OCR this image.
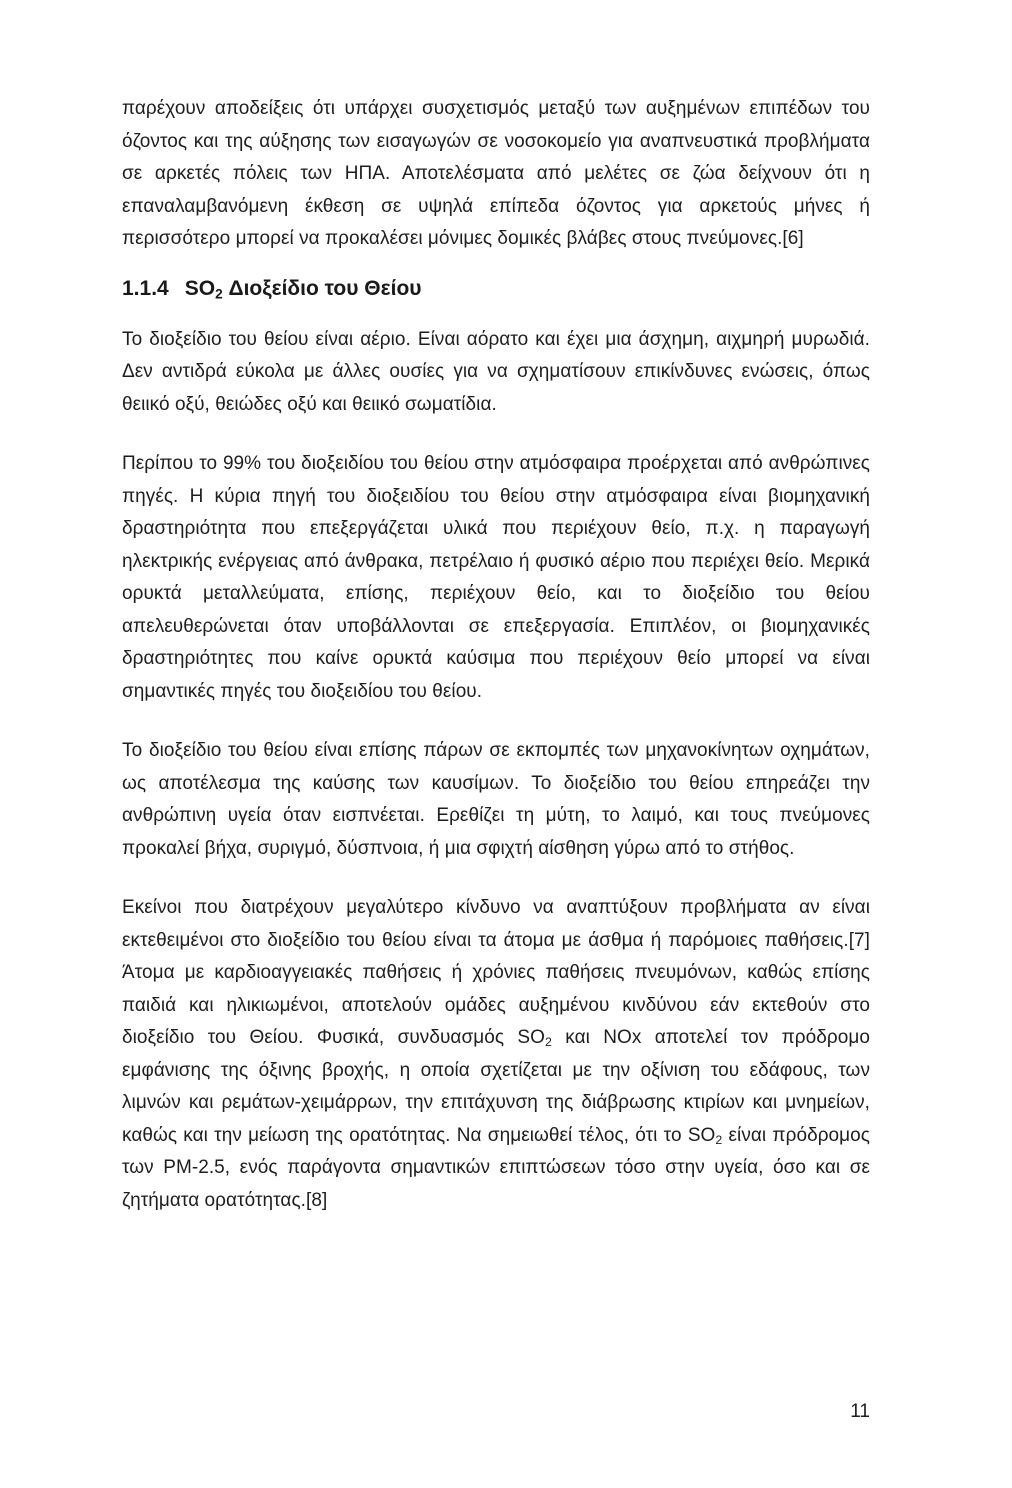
παρέχουν αποδείξεις ότι υπάρχει συσχετισμός μεταξύ των αυξημένων επιπέδων του όζοντος και της αύξησης των εισαγωγών σε νοσοκομείο για αναπνευστικά προβλήματα σε αρκετές πόλεις των ΗΠΑ. Αποτελέσματα από μελέτες σε ζώα δείχνουν ότι η επαναλαμβανόμενη έκθεση σε υψηλά επίπεδα όζοντος για αρκετούς μήνες ή περισσότερο μπορεί να προκαλέσει μόνιμες δομικές βλάβες στους πνεύμονες.[6]

1.1.4 $SO_2$ Διοξείδιο του Θείου

Το διοξείδιο του θείου είναι αέριο. Είναι αόρατο και έχει μια άσχημη, αιχμηρή μυρωδιά. Δεν αντιδρά εύκολα με άλλες ουσίες για να σχηματίσουν επικίνδυνες ενώσεις, όπως θειικό οξύ, θειώδες οξύ και θειικό σωματίδια.

Περίπου το 99% του διοξειδίου του θείου στην ατμόσφαιρα προέρχεται από ανθρώπινες πηγές. Η κύρια πηγή του διοξειδίου του θείου στην ατμόσφαιρα είναι βιομηχανική δραστηριότητα που επεξεργάζεται υλικά που περιέχουν θείο, π.χ. η παραγωγή ηλεκτρικής ενέργειας από άνθρακα, πετρέλαιο ή φυσικό αέριο που περιέχει θείο. Μερικά ορυκτά μεταλλεύματα, επίσης, περιέχουν θείο, και το διοξείδιο του θείου απελευθερώνεται όταν υποβάλλονται σε επεξεργασία. Επιπλέον, οι βιομηχανικές δραστηριότητες που καίνε ορυκτά καύσιμα που περιέχουν θείο μπορεί να είναι σημαντικές πηγές του διοξειδίου του θείου.

Το διοξείδιο του θείου είναι επίσης πάρων σε εκπομπές των μηχανοκίνητων οχημάτων, ως αποτέλεσμα της καύσης των καυσίμων. Το διοξείδιο του θείου επηρεάζει την ανθρώπινη υγεία όταν εισπνέεται. Ερεθίζει τη μύτη, το λαιμό, και τους πνεύμονες προκαλεί βήχα, συριγμό, δύσπνοια, ή μια σφιχτή αίσθηση γύρω από το στήθος.

Εκείνοι που διατρέχουν μεγαλύτερο κίνδυνο να αναπτύξουν προβλήματα αν είναι εκτεθειμένοι στο διοξείδιο του θείου είναι τα άτομα με άσθμα ή παρόμοιες παθήσεις.[7] Άτομα με καρδιοαγγειακές παθήσεις ή χρόνιες παθήσεις πνευμόνων, καθώς επίσης παιδιά και ηλικιωμένοι, αποτελούν ομάδες αυξημένου κινδύνου εάν εκτεθούν στο διοξείδιο του Θείου. Φυσικά, συνδυασμός $SO_2$ και NOx αποτελεί τον πρόδρομο εμφάνισης της όξινης βροχής, η οποία σχετίζεται με την οξίνιση του εδάφους, των λιμνών και ρεμάτων-χειμάρρων, την επιτάχυνση της διάβρωσης κτιρίων και μνημείων, καθώς και την μείωση της ορατότητας. Να σημειωθεί τέλος, ότι το $SO_2$ είναι πρόδρομος των PM-2.5, ενός παράγοντα σημαντικών επιπτώσεων τόσο στην υγεία, όσο και σε ζητήματα ορατότητας.[8]

11
